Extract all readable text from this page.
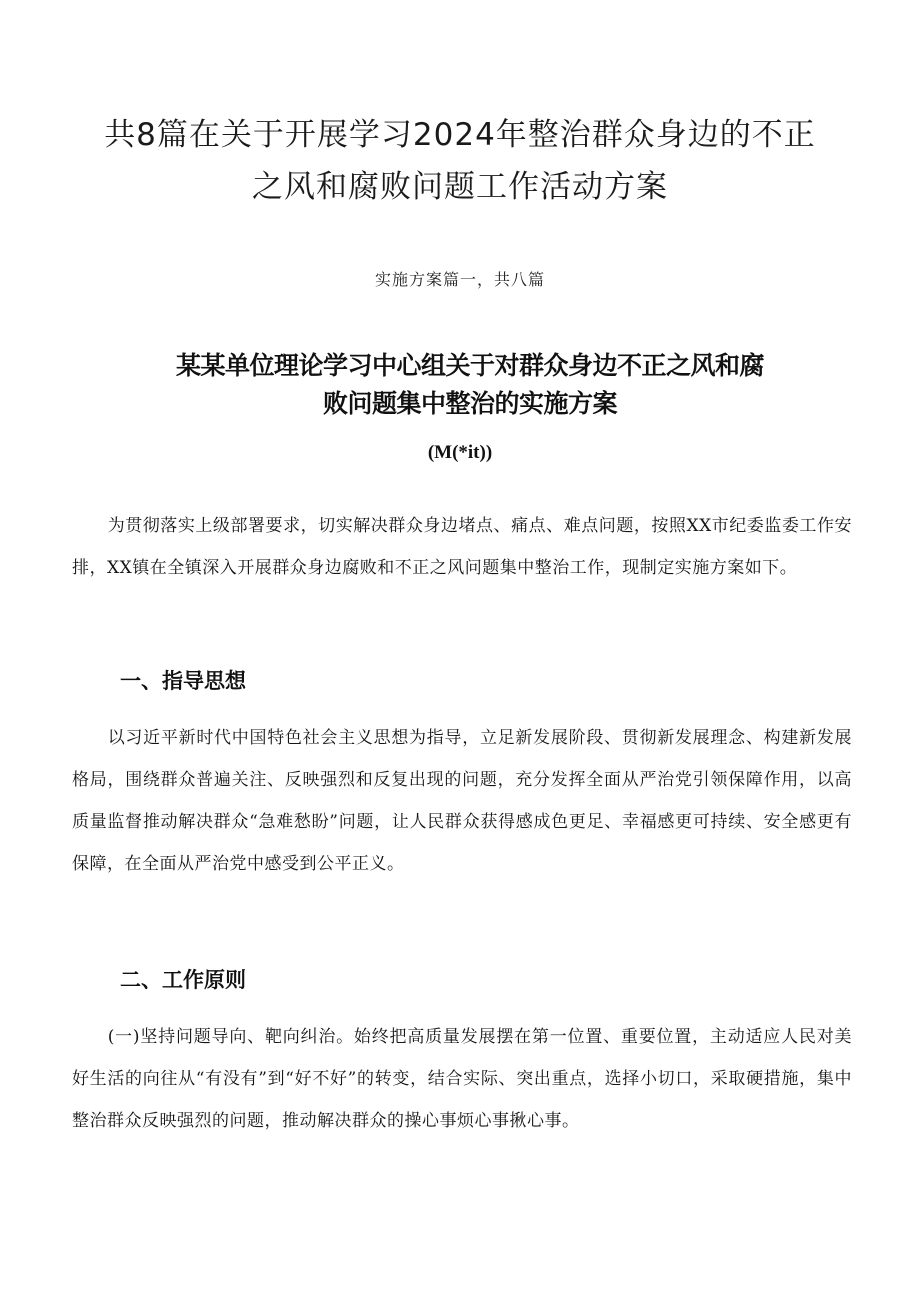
共8篇在关于开展学习2024年整治群众身边的不正
之风和腐败问题工作活动方案
实施方案篇一，共八篇
某某单位理论学习中心组关于对群众身边不正之风和腐
败问题集中整治的实施方案
(M(*it))

为贯彻落实上级部署要求，切实解决群众身边堵点、痛点、难点问题，按照XX市纪委监委工作安排，XX镇在全镇深入开展群众身边腐败和不正之风问题集中整治工作，现制定实施方案如下。

一、指导思想

以习近平新时代中国特色社会主义思想为指导，立足新发展阶段、贯彻新发展理念、构建新发展格局，围绕群众普遍关注、反映强烈和反复出现的问题，充分发挥全面从严治党引领保障作用，以高质量监督推动解决群众“急难愁盼”问题，让人民群众获得感成色更足、幸福感更可持续、安全感更有保障，在全面从严治党中感受到公平正义。

二、工作原则

(一)坚持问题导向、靶向纠治。始终把高质量发展摆在第一位置、重要位置，主动适应人民对美好生活的向往从“有没有”到“好不好”的转变，结合实际、突出重点，选择小切口，采取硬措施，集中整治群众反映强烈的问题，推动解决群众的操心事烦心事揪心事。
